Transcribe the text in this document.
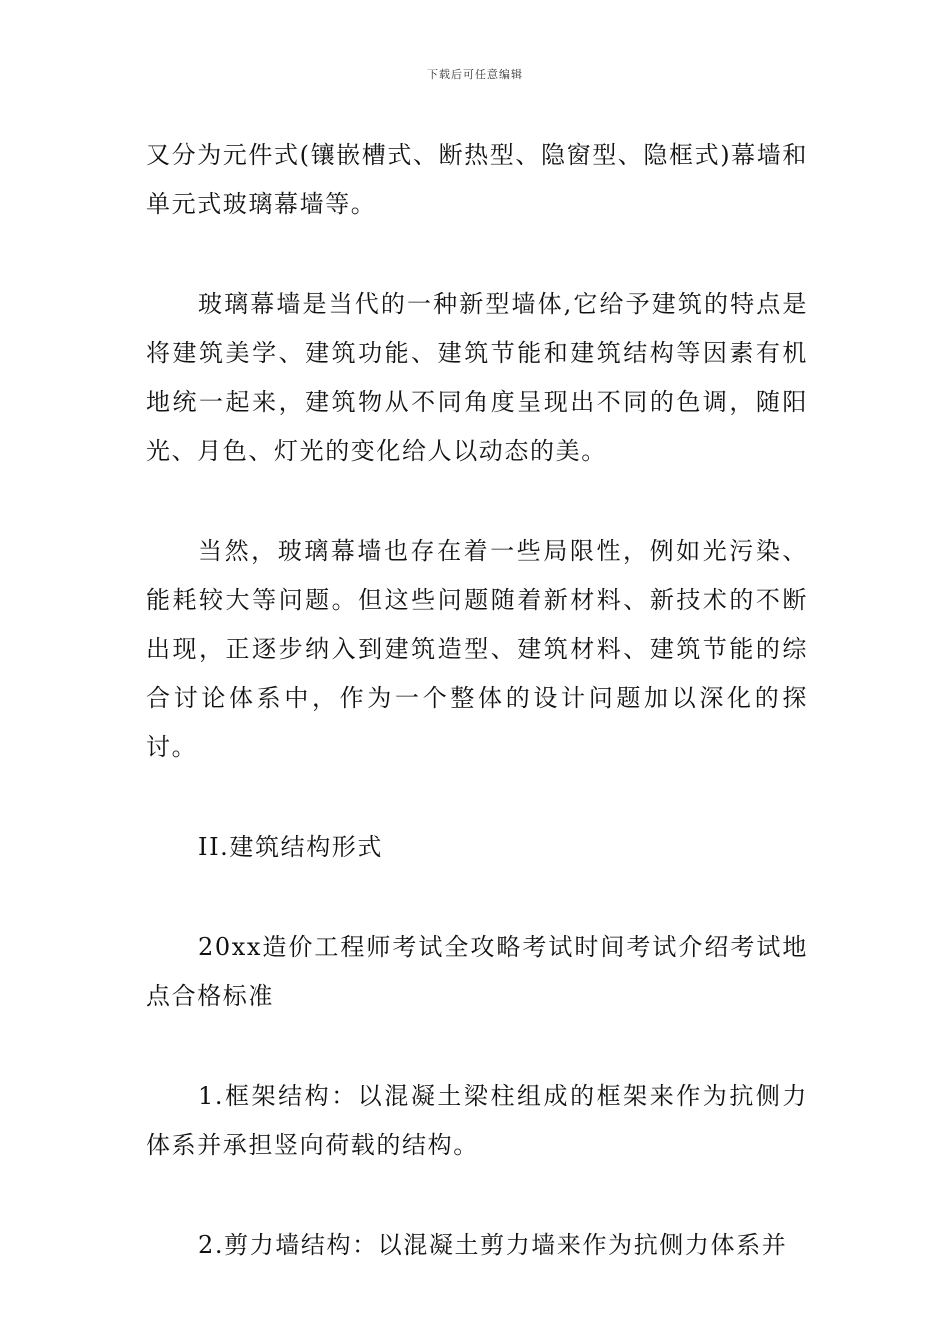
下载后可任意编辑

又分为元件式(镶嵌槽式、断热型、隐窗型、隐框式)幕墙和单元式玻璃幕墙等。

玻璃幕墙是当代的一种新型墙体,它给予建筑的特点是将建筑美学、建筑功能、建筑节能和建筑结构等因素有机地统一起来，建筑物从不同角度呈现出不同的色调，随阳光、月色、灯光的变化给人以动态的美。

当然，玻璃幕墙也存在着一些局限性，例如光污染、能耗较大等问题。但这些问题随着新材料、新技术的不断出现，正逐步纳入到建筑造型、建筑材料、建筑节能的综合讨论体系中，作为一个整体的设计问题加以深化的探讨。

II.建筑结构形式

20xx造价工程师考试全攻略考试时间考试介绍考试地点合格标准

1.框架结构：以混凝土梁柱组成的框架来作为抗侧力体系并承担竖向荷载的结构。

2.剪力墙结构：以混凝土剪力墙来作为抗侧力体系并
